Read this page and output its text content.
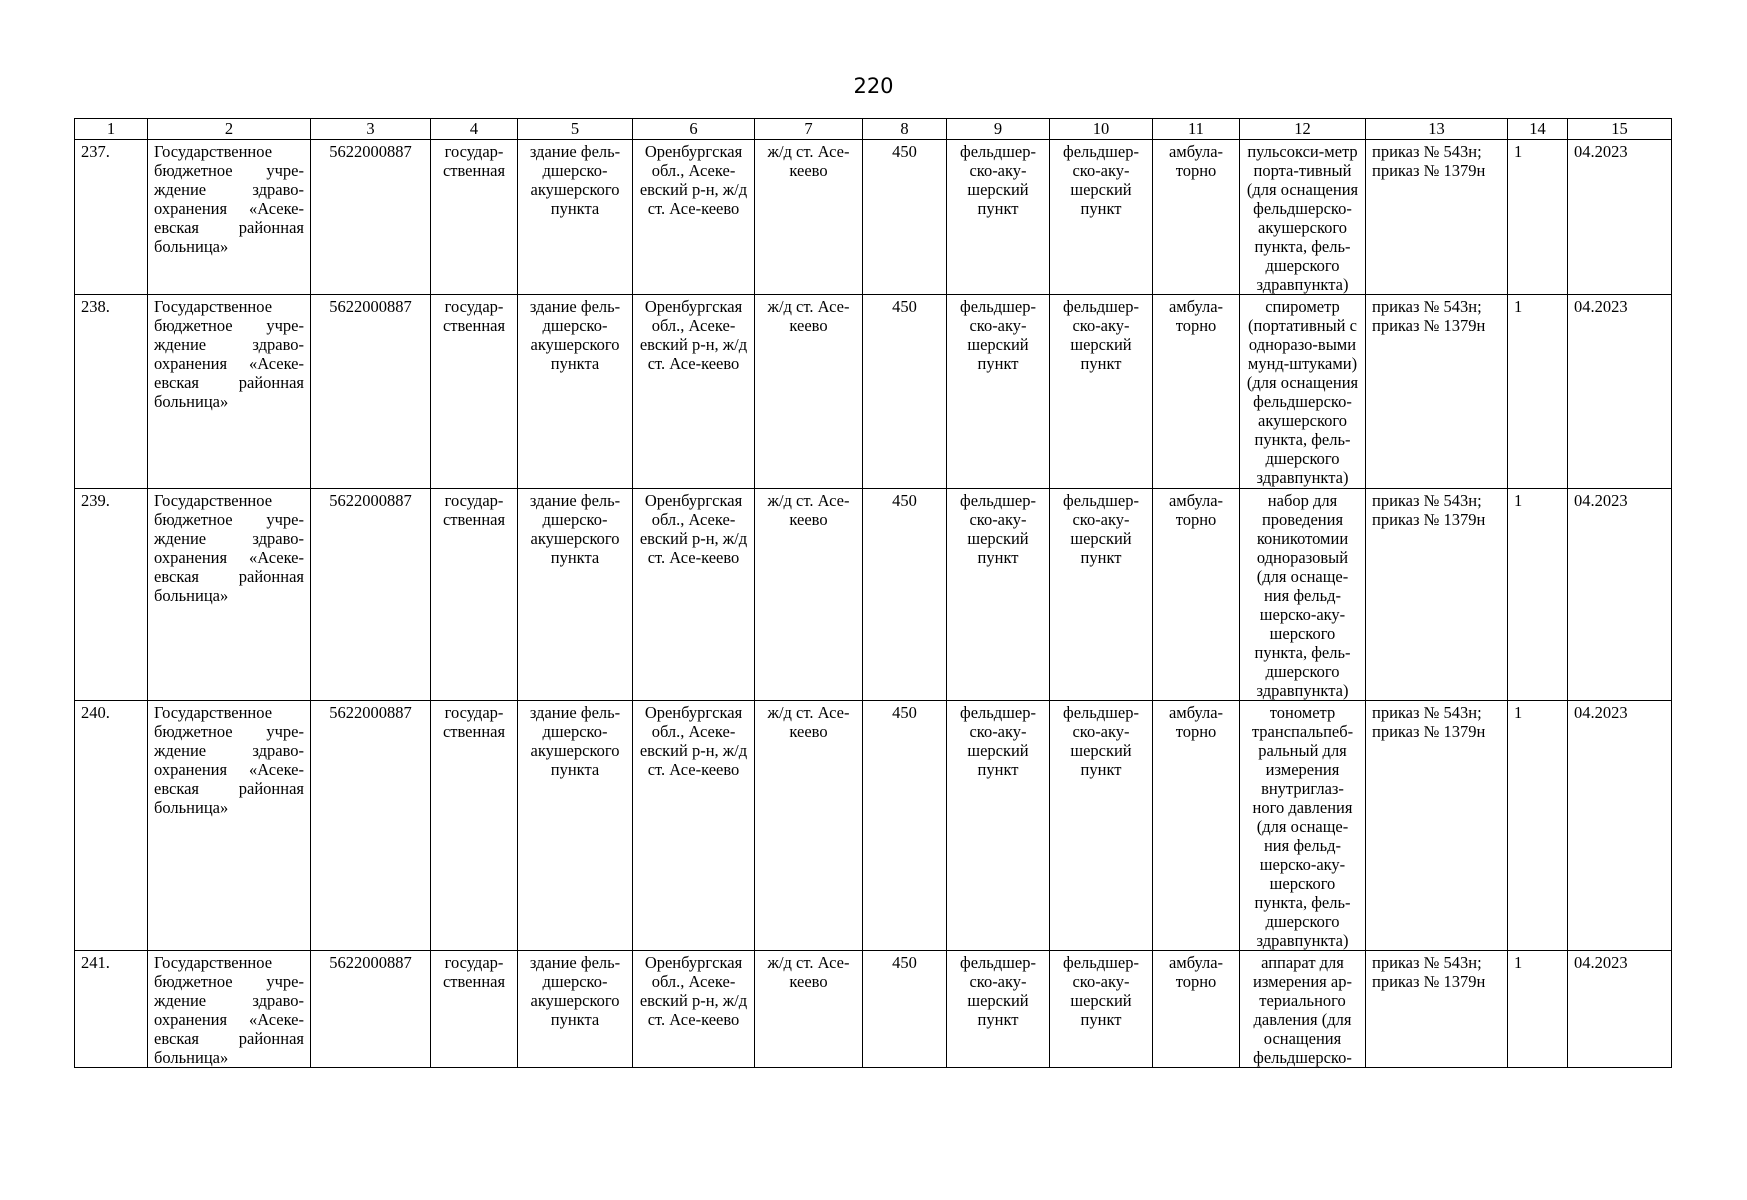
220
1	2	3	4	5	6	7	8	9	10	11	12	13	14	15
237.	Государственное бюджетное учре-ждение здраво-охранения «Асеке-евская районная больница»	5622000887	государ-ственная	здание фель-дшерско-акушерского пункта	Оренбургская обл., Асеке-евский р-н, ж/д ст. Асе-кеево	ж/д ст. Асе-кеево	450	фельдшер-ско-аку-шерский пункт	фельдшер-ско-аку-шерский пункт	амбула-торно	пульсокси-метр порта-тивный (для оснащения фельдшерско-акушерского пункта, фель-дшерского здравпункта)	приказ № 543н; приказ № 1379н	1	04.2023
238.	Государственное бюджетное учре-ждение здраво-охранения «Асеке-евская районная больница»	5622000887	государ-ственная	здание фель-дшерско-акушерского пункта	Оренбургская обл., Асеке-евский р-н, ж/д ст. Асе-кеево	ж/д ст. Асе-кеево	450	фельдшер-ско-аку-шерский пункт	фельдшер-ско-аку-шерский пункт	амбула-торно	спирометр (портативный с одноразо-выми мунд-штуками) (для оснащения фельдшерско-акушерского пункта, фель-дшерского здравпункта)	приказ № 543н; приказ № 1379н	1	04.2023
239.	Государственное бюджетное учре-ждение здраво-охранения «Асеке-евская районная больница»	5622000887	государ-ственная	здание фель-дшерско-акушерского пункта	Оренбургская обл., Асеке-евский р-н, ж/д ст. Асе-кеево	ж/д ст. Асе-кеево	450	фельдшер-ско-аку-шерский пункт	фельдшер-ско-аку-шерский пункт	амбула-торно	набор для проведения коникотомии одноразовый (для оснаще-ния фельд-шерско-аку-шерского пункта, фель-дшерского здравпункта)	приказ № 543н; приказ № 1379н	1	04.2023
240.	Государственное бюджетное учре-ждение здраво-охранения «Асеке-евская районная больница»	5622000887	государ-ственная	здание фель-дшерско-акушерского пункта	Оренбургская обл., Асеке-евский р-н, ж/д ст. Асе-кеево	ж/д ст. Асе-кеево	450	фельдшер-ско-аку-шерский пункт	фельдшер-ско-аку-шерский пункт	амбула-торно	тонометр транспальпеб-ральный для измерения внутриглаз-ного давления (для оснаще-ния фельд-шерско-аку-шерского пункта, фель-дшерского здравпункта)	приказ № 543н; приказ № 1379н	1	04.2023
241.	Государственное бюджетное учре-ждение здраво-охранения «Асеке-евская районная больница»	5622000887	государ-ственная	здание фель-дшерско-акушерского пункта	Оренбургская обл., Асеке-евский р-н, ж/д ст. Асе-кеево	ж/д ст. Асе-кеево	450	фельдшер-ско-аку-шерский пункт	фельдшер-ско-аку-шерский пункт	амбула-торно	аппарат для измерения ар-териального давления (для оснащения фельдшерско-	приказ № 543н; приказ № 1379н	1	04.2023
